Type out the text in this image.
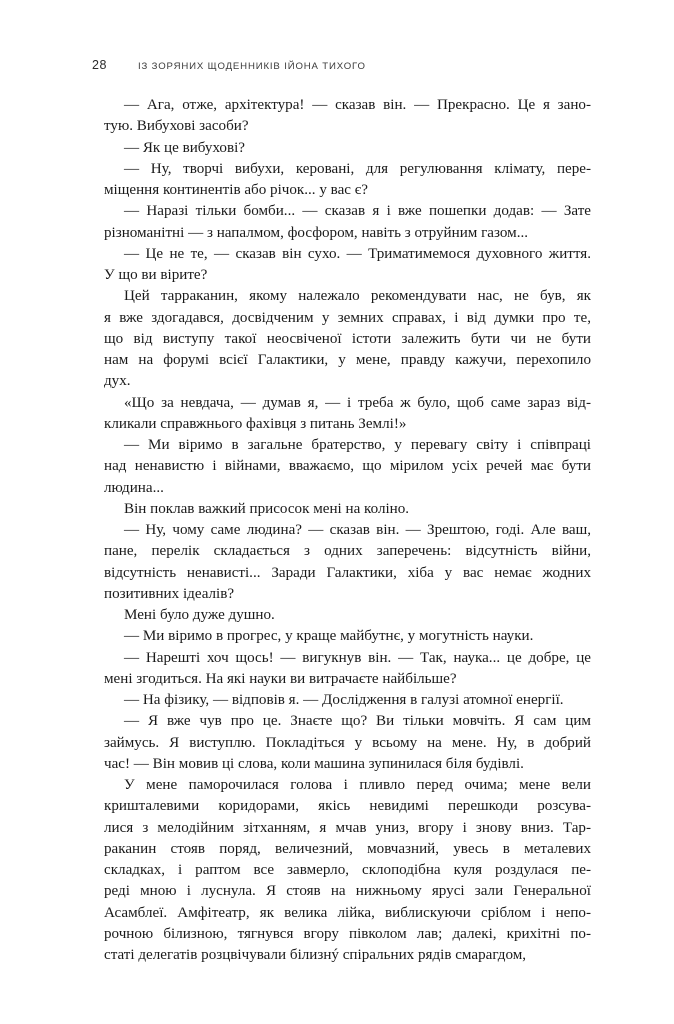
28	ІЗ ЗОРЯНИХ ЩОДЕННИКІВ ІЙОНА ТИХОГО
— Ага, отже, архітектура! — сказав він. — Прекрасно. Це я зано-
тую. Вибухові засоби?
— Як це вибухові?
— Ну, творчі вибухи, керовані, для регулювання клімату, пере-
міщення континентів або річок... у вас є?
— Наразі тільки бомби... — сказав я і вже пошепки додав: — Зате
різноманітні — з напалмом, фосфором, навіть з отруйним газом...
— Це не те, — сказав він сухо. — Триматимемося духовного життя.
У що ви вірите?
Цей тарраканин, якому належало рекомендувати нас, не був, як
я вже здогадався, досвідченим у земних справах, і від думки про те,
що від виступу такої неосвіченої істоти залежить бути чи не бути
нам на форумі всієї Галактики, у мене, правду кажучи, перехопило
дух.
«Що за невдача, — думав я, — і треба ж було, щоб саме зараз від-
кликали справжнього фахівця з питань Землі!»
— Ми віримо в загальне братерство, у перевагу світу і співпраці
над ненавистю і війнами, вважаємо, що мірилом усіх речей має бути
людина...
Він поклав важкий присосок мені на коліно.
— Ну, чому саме людина? — сказав він. — Зрештою, годі. Але ваш,
пане, перелік складається з одних заперечень: відсутність війни,
відсутність ненависті... Заради Галактики, хіба у вас немає жодних
позитивних ідеалів?
Мені було дуже душно.
— Ми віримо в прогрес, у краще майбутнє, у могутність науки.
— Нарешті хоч щось! — вигукнув він. — Так, наука... це добре, це
мені згодиться. На які науки ви витрачаєте найбільше?
— На фізику, — відповів я. — Дослідження в галузі атомної енергії.
— Я вже чув про це. Знаєте що? Ви тільки мовчіть. Я сам цим
займусь. Я виступлю. Покладіться у всьому на мене. Ну, в добрий
час! — Він мовив ці слова, коли машина зупинилася біля будівлі.
У мене паморочилася голова і пливло перед очима; мене вели
кришталевими коридорами, якісь невидимі перешкоди розсува-
лися з мелодійним зітханням, я мчав униз, вгору і знову вниз. Тар-
раканин стояв поряд, величезний, мовчазний, увесь в металевих
складках, і раптом все завмерло, склоподібна куля роздулася пе-
реді мною і луснула. Я стояв на нижньому ярусі зали Генеральної
Асамблеї. Амфітеатр, як велика лійка, виблискуючи сріблом і непо-
рочною білизною, тягнувся вгору півколом лав; далекі, крихітні по-
статі делегатів розцвічували білизнý спіральних рядів смарагдом,
